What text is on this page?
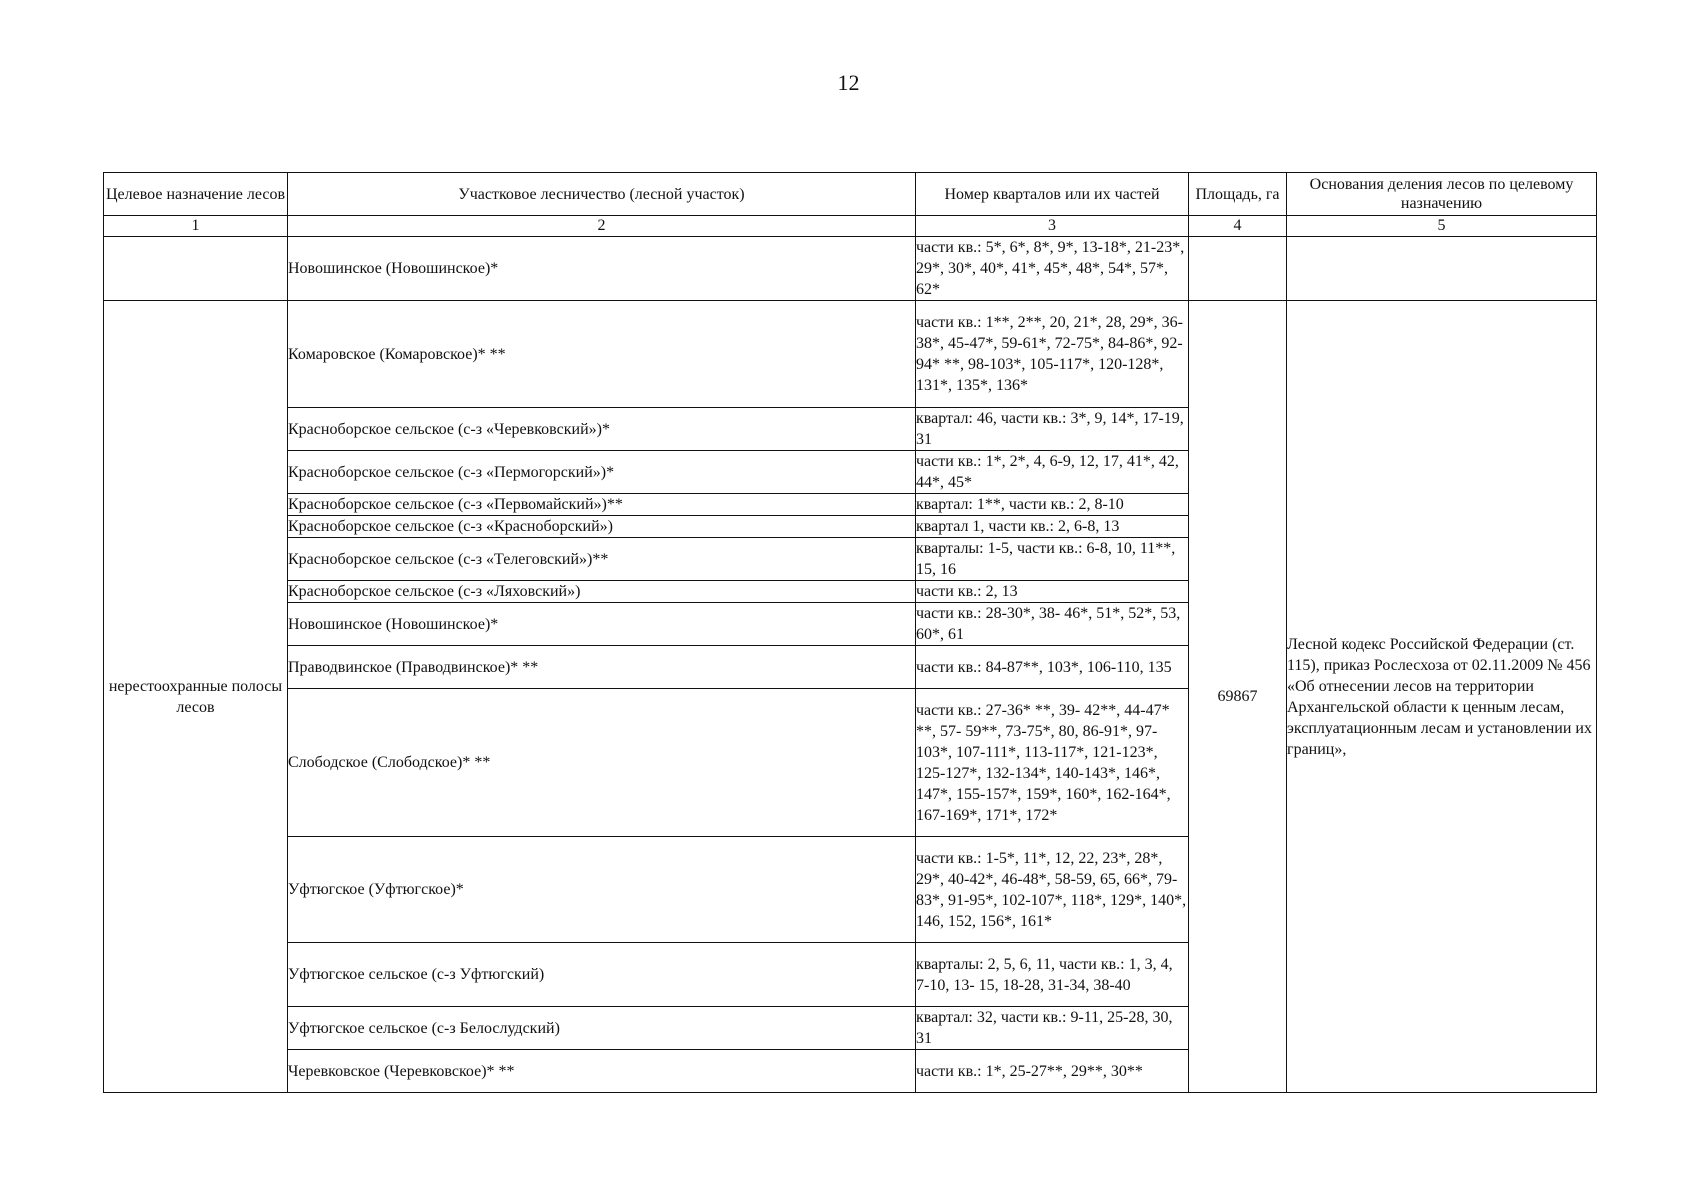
12
Целевое назначение лесов	Участковое лесничество (лесной участок)	Номер кварталов или их частей	Площадь, га	Основания деления лесов по целевому назначению
1	2	3	4	5
	Новошинское (Новошинское)*	части кв.: 5*, 6*, 8*, 9*, 13-18*, 21-23*, 29*, 30*, 40*, 41*, 45*, 48*, 54*, 57*, 62*		
нерестоохранные полосы лесов	Комаровское (Комаровское)* **	части кв.: 1**, 2**, 20, 21*, 28, 29*, 36-38*, 45-47*, 59-61*, 72-75*, 84-86*, 92-94* **, 98-103*, 105-117*, 120-128*, 131*, 135*, 136*	69867	Лесной кодекс Российской Федерации (ст. 115), приказ Рослесхоза от 02.11.2009 № 456 «Об отнесении лесов на территории Архангельской области к ценным лесам, эксплуатационным лесам и установлении их границ»,
	Красноборское сельское (с-з «Черевковский»)*	квартал: 46, части кв.: 3*, 9, 14*, 17-19, 31		
	Красноборское сельское (с-з «Пермогорский»)*	части кв.: 1*, 2*, 4, 6-9, 12, 17, 41*, 42, 44*, 45*		
	Красноборское сельское (с-з «Первомайский»)**	квартал: 1**, части кв.: 2, 8-10		
	Красноборское сельское (с-з «Красноборский»)	квартал 1, части кв.: 2, 6-8, 13		
	Красноборское сельское (с-з «Телеговский»)**	кварталы: 1-5, части кв.: 6-8, 10, 11**, 15, 16		
	Красноборское сельское (с-з «Ляховский»)	части кв.: 2, 13		
	Новошинское (Новошинское)*	части кв.: 28-30*, 38- 46*, 51*, 52*, 53, 60*, 61		
	Праводвинское (Праводвинское)* **	части кв.: 84-87**, 103*, 106-110, 135		
	Слободское (Слободское)* **	части кв.: 27-36* **, 39- 42**, 44-47* **, 57- 59**, 73-75*, 80, 86-91*, 97-103*, 107-111*, 113-117*, 121-123*, 125-127*, 132-134*, 140-143*, 146*, 147*, 155-157*, 159*, 160*, 162-164*, 167-169*, 171*, 172*		
	Уфтюгское (Уфтюгское)*	части кв.: 1-5*, 11*, 12, 22, 23*, 28*, 29*, 40-42*, 46-48*, 58-59, 65, 66*, 79-83*, 91-95*, 102-107*, 118*, 129*, 140*, 146, 152, 156*, 161*		
	Уфтюгское сельское (с-з Уфтюгский)	кварталы: 2, 5, 6, 11, части кв.: 1, 3, 4, 7-10, 13- 15, 18-28, 31-34, 38-40		
	Уфтюгское сельское (с-з Белослудский)	квартал: 32, части кв.: 9-11, 25-28, 30, 31		
	Черевковское (Черевковское)* **	части кв.: 1*, 25-27**, 29**, 30**		
